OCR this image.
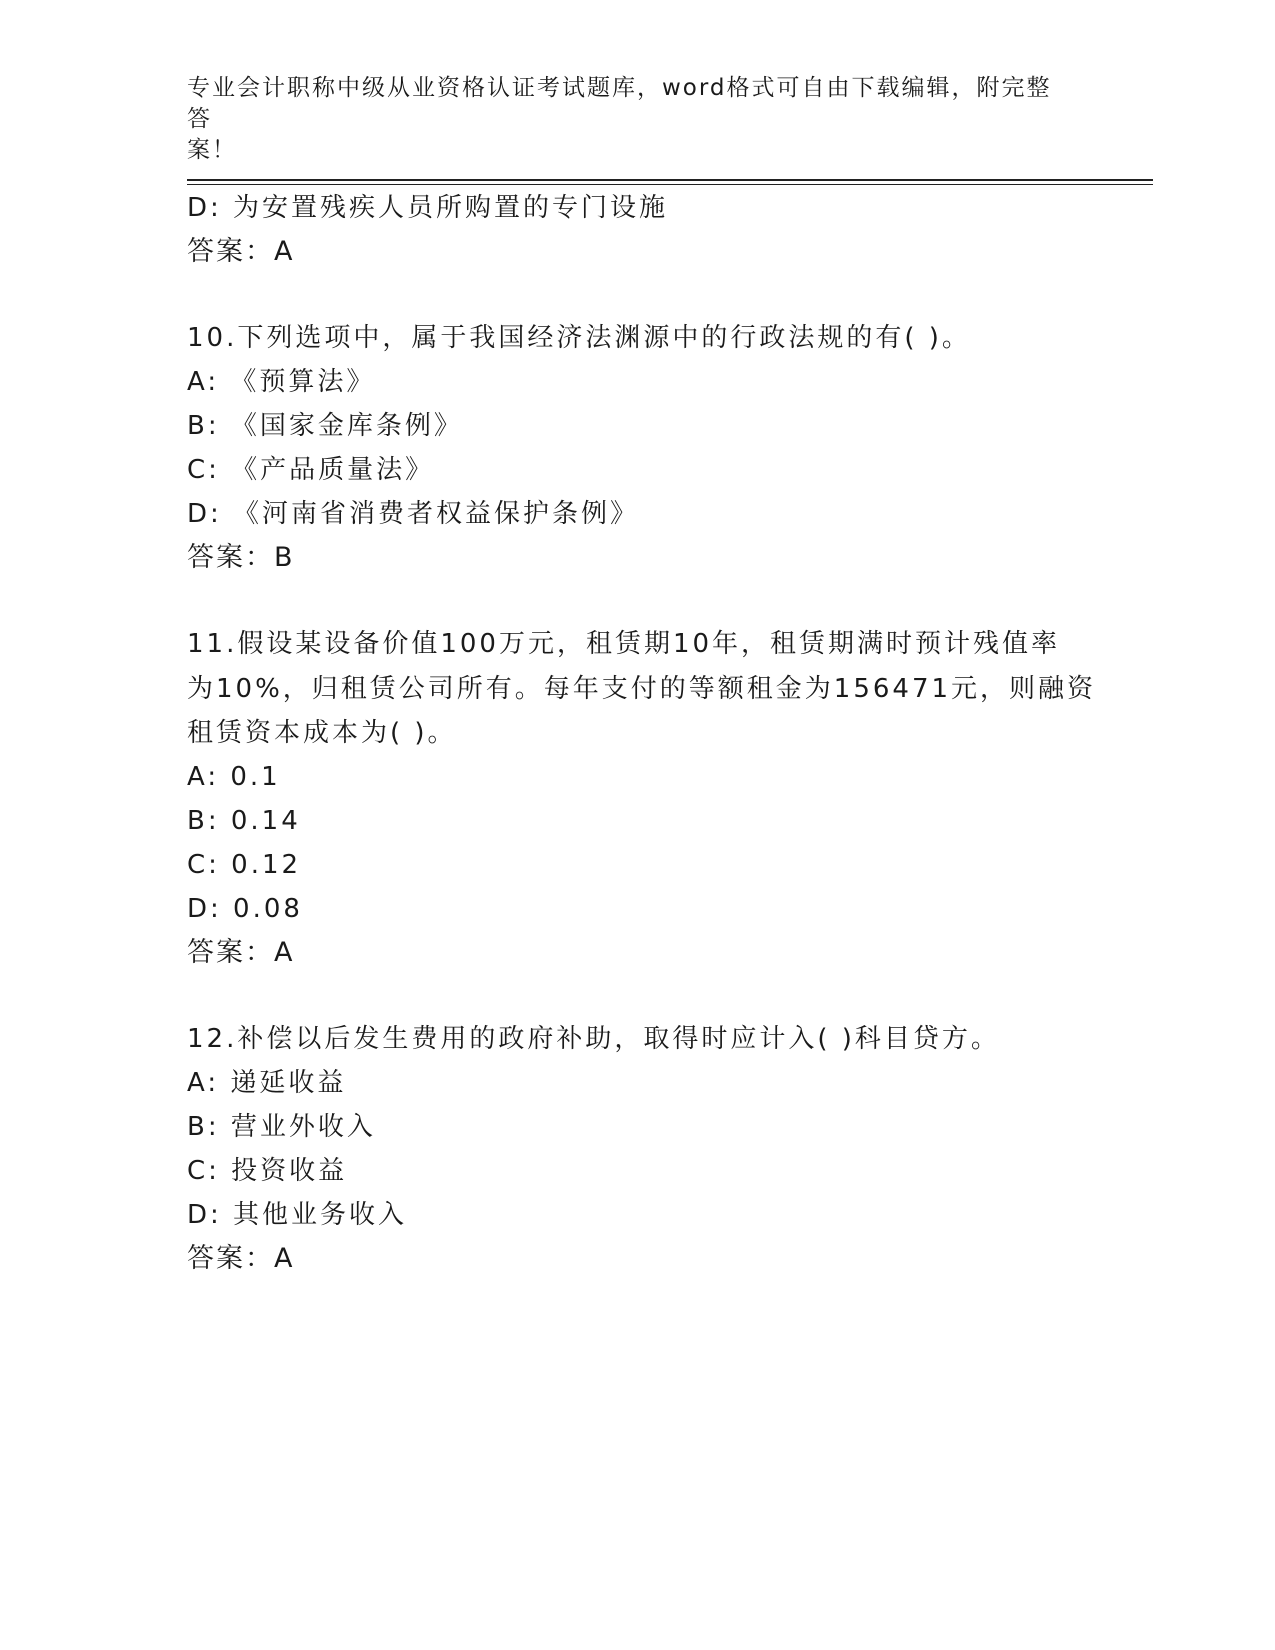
专业会计职称中级从业资格认证考试题库，word格式可自由下载编辑，附完整答
案！
D: 为安置残疾人员所购置的专门设施
答案：A
10.下列选项中，属于我国经济法渊源中的行政法规的有( )。
A: 《预算法》
B: 《国家金库条例》
C: 《产品质量法》
D: 《河南省消费者权益保护条例》
答案：B
11.假设某设备价值100万元，租赁期10年，租赁期满时预计残值率
为10%，归租赁公司所有。每年支付的等额租金为156471元，则融资
租赁资本成本为( )。
A: 0.1
B: 0.14
C: 0.12
D: 0.08
答案：A
12.补偿以后发生费用的政府补助，取得时应计入( )科目贷方。
A: 递延收益
B: 营业外收入
C: 投资收益
D: 其他业务收入
答案：A
